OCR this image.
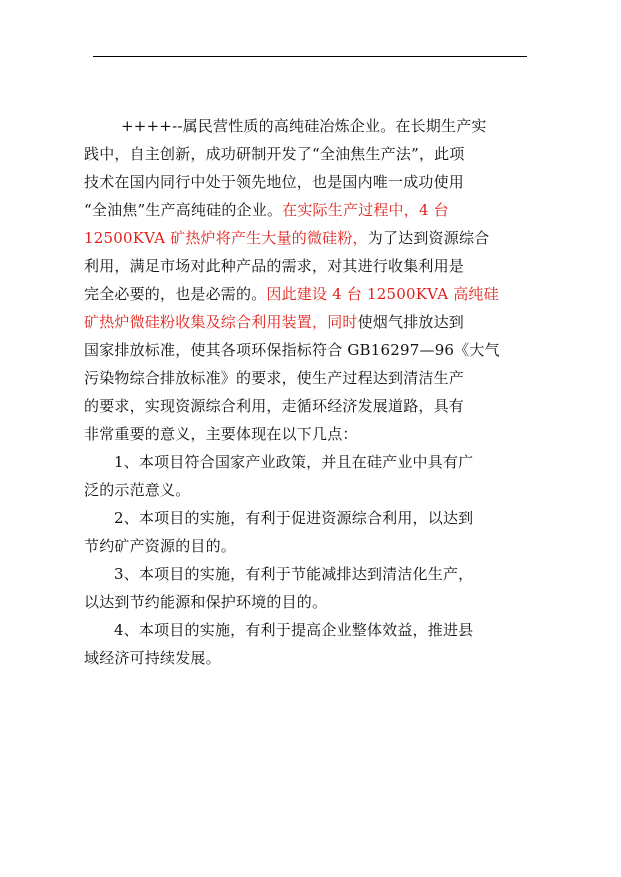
++++--属民营性质的高纯硅冶炼企业。在长期生产实
践中，自主创新，成功研制开发了“全油焦生产法”，此项
技术在国内同行中处于领先地位，也是国内唯一成功使用
“全油焦”生产高纯硅的企业。在实际生产过程中，4 台
12500KVA 矿热炉将产生大量的微硅粉，为了达到资源综合
利用，满足市场对此种产品的需求，对其进行收集利用是
完全必要的，也是必需的。因此建设 4 台 12500KVA 高纯硅
矿热炉微硅粉收集及综合利用装置，同时使烟气排放达到
国家排放标准，使其各项环保指标符合 GB16297—96《大气
污染物综合排放标准》的要求，使生产过程达到清洁生产
的要求，实现资源综合利用，走循环经济发展道路，具有
非常重要的意义，主要体现在以下几点：
1、本项目符合国家产业政策，并且在硅产业中具有广
泛的示范意义。
2、本项目的实施，有利于促进资源综合利用，以达到
节约矿产资源的目的。
3、本项目的实施，有利于节能减排达到清洁化生产，
以达到节约能源和保护环境的目的。
4、本项目的实施，有利于提高企业整体效益，推进县
域经济可持续发展。
